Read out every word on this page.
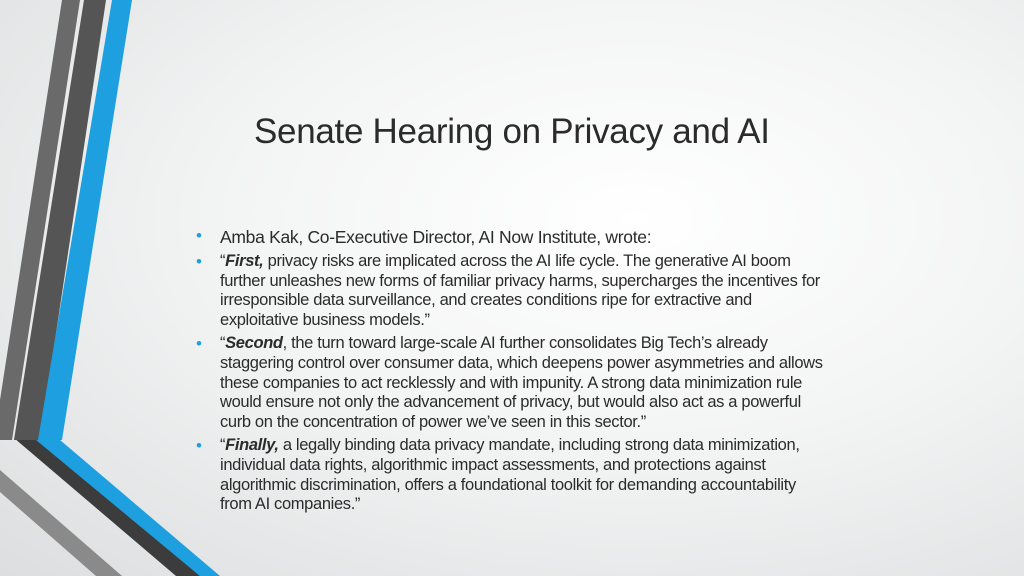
Senate Hearing on Privacy and AI
• Amba Kak, Co-Executive Director, AI Now Institute, wrote:
• “First, privacy risks are implicated across the AI life cycle. The generative AI boom further unleashes new forms of familiar privacy harms, supercharges the incentives for irresponsible data surveillance, and creates conditions ripe for extractive and exploitative business models.”
• “Second, the turn toward large-scale AI further consolidates Big Tech’s already staggering control over consumer data, which deepens power asymmetries and allows these companies to act recklessly and with impunity. A strong data minimization rule would ensure not only the advancement of privacy, but would also act as a powerful curb on the concentration of power we’ve seen in this sector.”
• “Finally, a legally binding data privacy mandate, including strong data minimization, individual data rights, algorithmic impact assessments, and protections against algorithmic discrimination, offers a foundational toolkit for demanding accountability from AI companies.”
